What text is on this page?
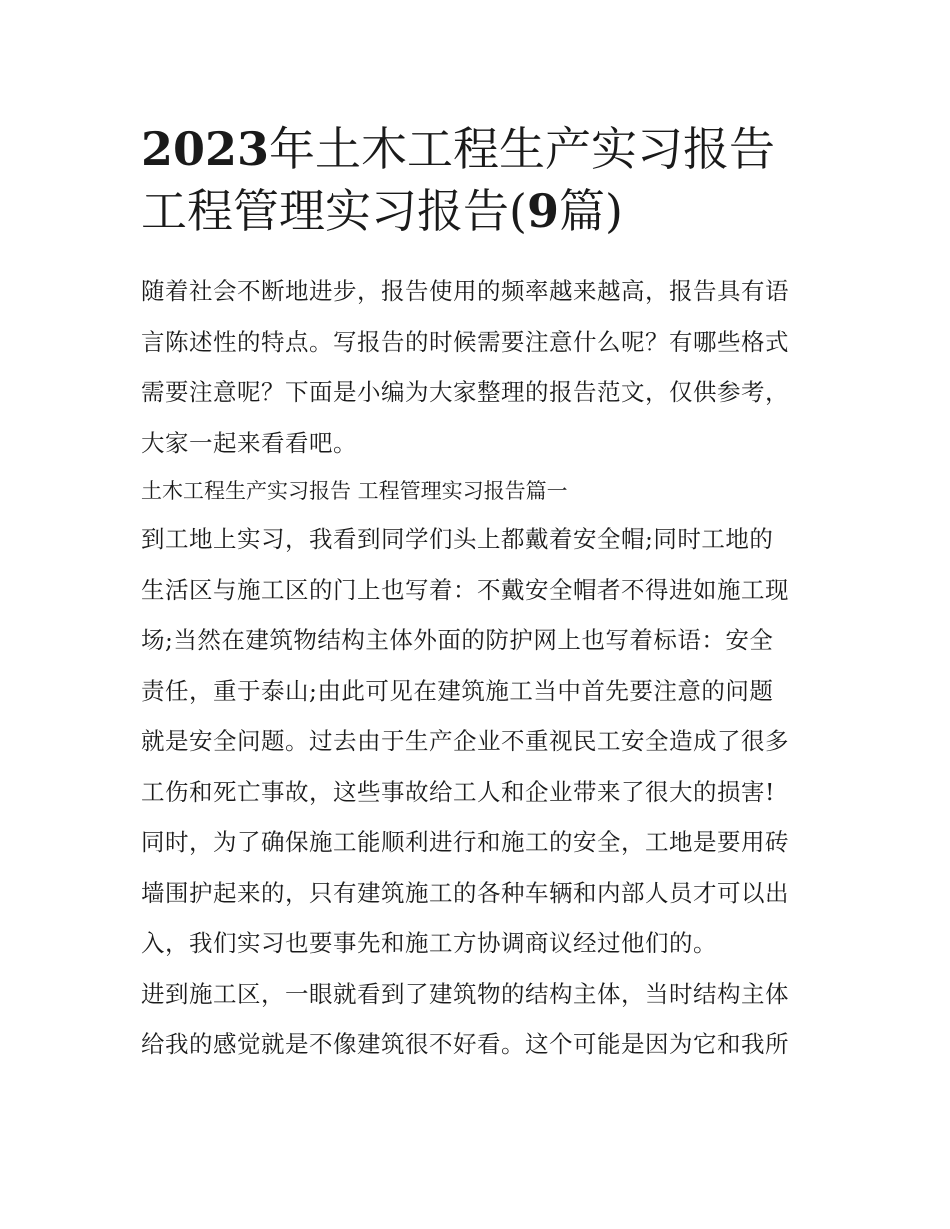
2023年土木工程生产实习报告

工程管理实习报告(9篇)

随着社会不断地进步，报告使用的频率越来越高，报告具有语

言陈述性的特点。写报告的时候需要注意什么呢？有哪些格式

需要注意呢？下面是小编为大家整理的报告范文，仅供参考，

大家一起来看看吧。

土木工程生产实习报告 工程管理实习报告篇一

到工地上实习，我看到同学们头上都戴着安全帽;同时工地的

生活区与施工区的门上也写着：不戴安全帽者不得进如施工现

场;当然在建筑物结构主体外面的防护网上也写着标语：安全

责任，重于泰山;由此可见在建筑施工当中首先要注意的问题

就是安全问题。过去由于生产企业不重视民工安全造成了很多

工伤和死亡事故，这些事故给工人和企业带来了很大的损害!

同时，为了确保施工能顺利进行和施工的安全，工地是要用砖

墙围护起来的，只有建筑施工的各种车辆和内部人员才可以出

入，我们实习也要事先和施工方协调商议经过他们的。

进到施工区，一眼就看到了建筑物的结构主体，当时结构主体

给我的感觉就是不像建筑很不好看。这个可能是因为它和我所
